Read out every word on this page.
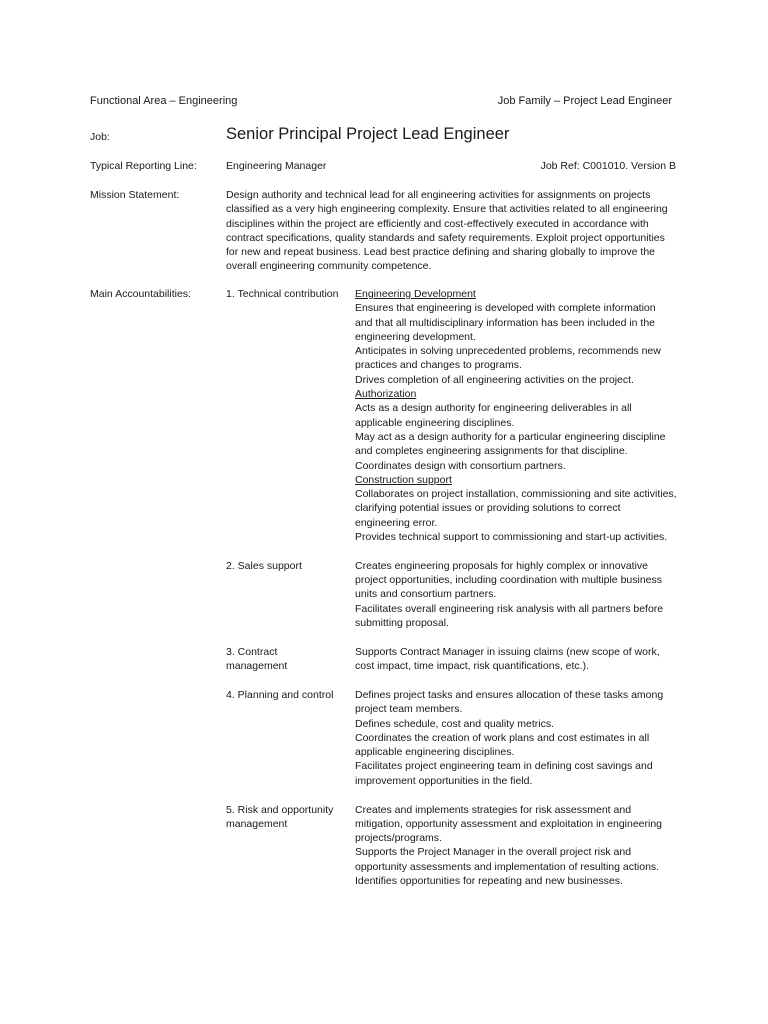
Functional Area – Engineering	Job Family – Project Lead Engineer
Job:	Senior Principal Project Lead Engineer
Typical Reporting Line:	Engineering Manager	Job Ref: C001010. Version B
Mission Statement:	Design authority and technical lead for all engineering activities for assignments on projects
classified as a very high engineering complexity. Ensure that activities related to all engineering
disciplines within the project are efficiently and cost-effectively executed in accordance with
contract specifications, quality standards and safety requirements. Exploit project opportunities
for new and repeat business. Lead best practice defining and sharing globally to improve the
overall engineering community competence.
Main Accountabilities:	1. Technical contribution	Engineering Development
Ensures that engineering is developed with complete information
and that all multidisciplinary information has been included in the
engineering development.
Anticipates in solving unprecedented problems, recommends new
practices and changes to programs.
Drives completion of all engineering activities on the project.
Authorization
Acts as a design authority for engineering deliverables in all
applicable engineering disciplines.
May act as a design authority for a particular engineering discipline
and completes engineering assignments for that discipline.
Coordinates design with consortium partners.
Construction support
Collaborates on project installation, commissioning and site activities,
clarifying potential issues or providing solutions to correct
engineering error.
Provides technical support to commissioning and start-up activities.
2. Sales support	Creates engineering proposals for highly complex or innovative
project opportunities, including coordination with multiple business
units and consortium partners.
Facilitates overall engineering risk analysis with all partners before
submitting proposal.
3. Contract
management
Supports Contract Manager in issuing claims (new scope of work,
cost impact, time impact, risk quantifications, etc.).
4. Planning and control	Defines project tasks and ensures allocation of these tasks among
project team members.
Defines schedule, cost and quality metrics.
Coordinates the creation of work plans and cost estimates in all
applicable engineering disciplines.
Facilitates project engineering team in defining cost savings and
improvement opportunities in the field.
5. Risk and opportunity
management
Creates and implements strategies for risk assessment and
mitigation, opportunity assessment and exploitation in engineering
projects/programs.
Supports the Project Manager in the overall project risk and
opportunity assessments and implementation of resulting actions.
Identifies opportunities for repeating and new businesses.
